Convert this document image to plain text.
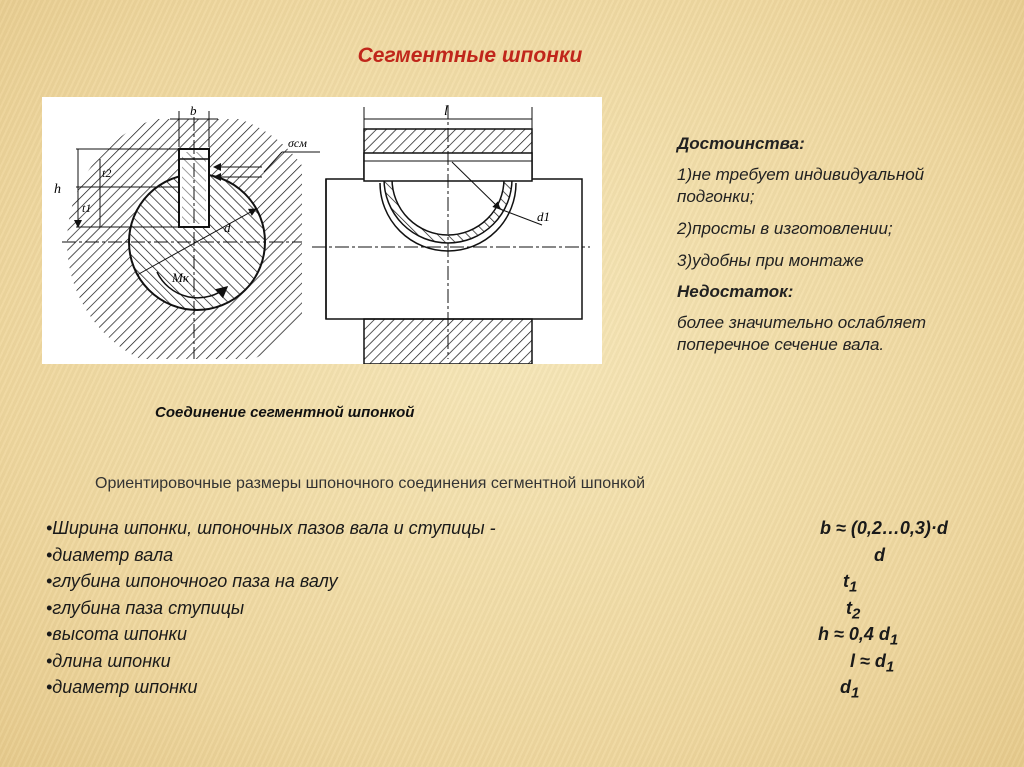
Сегментные шпонки
b
t2
h
t1
d
Mк
σсм
l
d1
Соединение сегментной шпонкой
Достоинства:
1)не требует индивидуальной подгонки;
2)просты в изготовлении;
3)удобны при монтаже
Недостаток:
более значительно ослабляет поперечное сечение вала.
Ориентировочные размеры шпоночного соединения сегментной шпонкой
•Ширина шпонки, шпоночных пазов вала и ступицы -	b ≈ (0,2…0,3)·d
•диаметр вала	d
•глубина шпоночного паза на валу	$t_1$
•глубина паза ступицы	$t_2$
•высота шпонки	h ≈ 0,4 $d_1$
•длина шпонки	$l \approx d_1$
•диаметр шпонки	$d_1$
